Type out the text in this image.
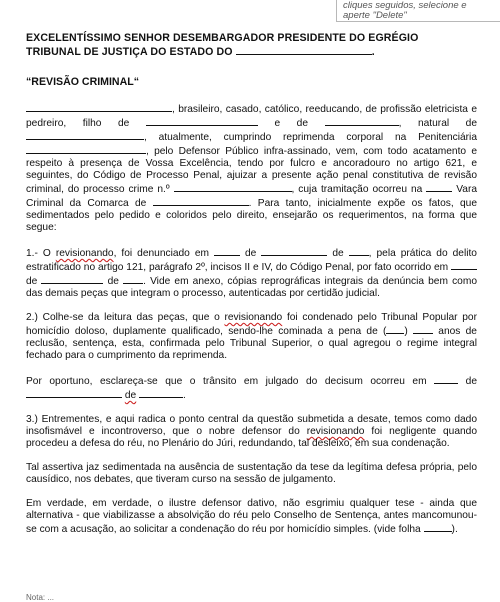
cliques seguidos, selecione e
aperte "Delete"
EXCELENTÍSSIMO SENHOR DESEMBARGADOR PRESIDENTE DO EGRÉGIO
TRIBUNAL DE JUSTIÇA DO ESTADO DO	.
“REVISÃO CRIMINAL“

, brasileiro, casado, católico, reeducando, de profissão eletricista e pedreiro, filho de	e de	, natural de , atualmente, cumprindo reprimenda corporal na Penitenciária , pelo Defensor Público infra-assinado, vem, com todo acatamento e respeito à presença de Vossa Excelência, tendo por fulcro e ancoradouro no artigo 621, e seguintes, do Código de Processo Penal, ajuizar a presente ação penal constitutiva de revisão criminal, do processo crime n.º	, cuja tramitação ocorreu na	Vara Criminal da Comarca de	. Para tanto, inicialmente expõe os fatos, que sedimentados pelo pedido e coloridos pelo direito, ensejarão os requerimentos, na forma que segue:

1.- O revisionando, foi denunciado em	de	de , pela prática do delito estratificado no artigo 121, parágrafo 2º, incisos II e IV, do Código Penal, por fato ocorrido em  de	de . Vide em anexo, cópias reprográficas integrais da denúncia bem como das demais peças que integram o processo, autenticadas por certidão judicial.

2.) Colhe-se da leitura das peças, que o revisionando foi condenado pelo Tribunal Popular por homicídio doloso, duplamente qualificado, sendo-lhe cominada a pena de ( )	anos de reclusão, sentença, esta, confirmada pelo Tribunal Superior, o qual agregou o regime integral fechado para o cumprimento da reprimenda.

Por oportuno, esclareça-se que o trânsito em julgado do decisum ocorreu em	de  de	.

3.) Entrementes, e aqui radica o ponto central da questão submetida a desate, temos como dado insofismável e incontroverso, que o nobre defensor do revisionando foi negligente quando procedeu a defesa do réu, no Plenário do Júri, redundando, tal desleixo, em sua condenação.

Tal assertiva jaz sedimentada na ausência de sustentação da tese da legítima defesa própria, pelo causídico, nos debates, que tiveram curso na sessão de julgamento.

Em verdade, em verdade, o ilustre defensor dativo, não esgrimiu qualquer tese - ainda que alternativa - que viabilizasse a absolvição do réu pelo Conselho de Sentença, antes mancomunou-se com a acusação, ao solicitar a condenação do réu por homicídio simples. (vide folha	).

Nota: ...
